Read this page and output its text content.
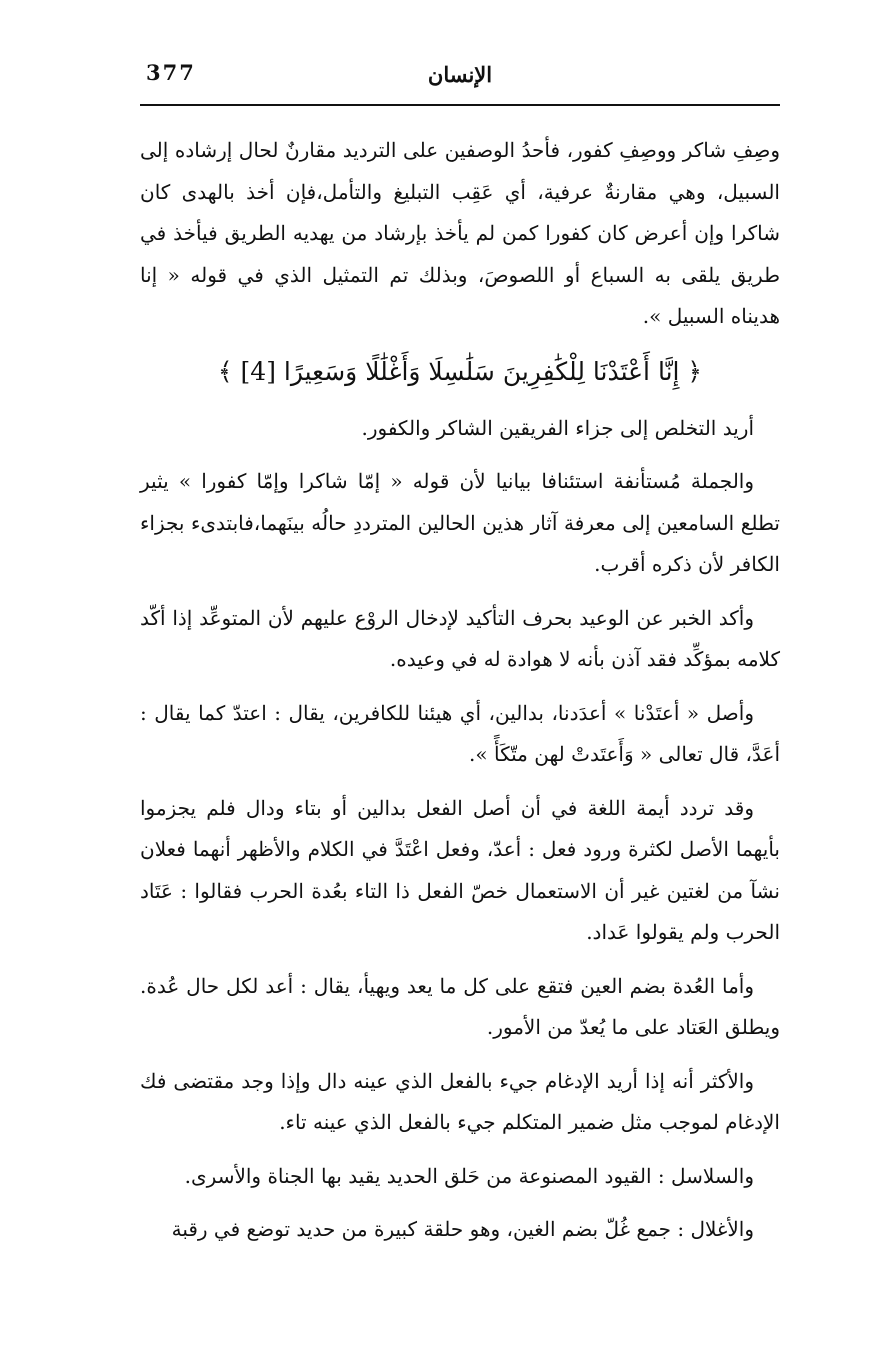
377	الإنسان

وصِفِ شاكر ووصِفِ كفور، فأحدُ الوصفين على الترديد مقارنٌ لحال إرشاده إلى السبيل، وهي مقارنةٌ عرفية، أي عَقِب التبليغ والتأمل،فإن أخذ بالهدى كان شاكرا وإن أعرض كان كفورا كمن لم يأخذ بإرشاد من يهديه الطريق فيأخذ في طريق يلقى به السباع أو اللصوصَ، وبذلك تم التمثيل الذي في قوله « إنا هديناه السبيل ».

﴿ إِنَّا أَعْتَدْنَا لِلْكَٰفِرِينَ سَلَٰسِلَا وَأَغْلَٰلًا وَسَعِيرًا [4] ﴾

أريد التخلص إلى جزاء الفريقين الشاكر والكفور.

والجملة مُستأنفة استئنافا بيانيا لأن قوله « إمّا شاكرا وإمّا كفورا » يثير تطلع السامعين إلى معرفة آثار هذين الحالين المترددِ حالُه بينَهما،فابتدىء بجزاء الكافر لأن ذكره أقرب.

وأكد الخبر عن الوعيد بحرف التأكيد لإدخال الروْع عليهم لأن المتوعِّد إذا أكّد كلامه بمؤكِّد فقد آذن بأنه لا هوادة له في وعيده.

وأصل « أعتَدْنا » أعدَدنا، بدالين، أي هيئنا للكافرين، يقال : اعتدّ كما يقال : أعَدَّ، قال تعالى « وَأَعتَدتْ لهن متّكَأً ».

وقد تردد أيمة اللغة في أن أصل الفعل بدالين أو بتاء ودال فلم يجزموا بأيهما الأصل لكثرة ورود فعل : أعدّ، وفعل اعْتَدَّ في الكلام والأظهر أنهما فعلان نشآ من لغتين غير أن الاستعمال خصّ الفعل ذا التاء بعُدة الحرب فقالوا : عَتَاد الحرب ولم يقولوا عَداد.

وأما العُدة بضم العين فتقع على كل ما يعد ويهيأ، يقال : أعد لكل حال عُدة. ويطلق العَتاد على ما يُعدّ من الأمور.

والأكثر أنه إذا أريد الإدغام جيء بالفعل الذي عينه دال وإذا وجد مقتضى فك الإدغام لموجب مثل ضمير المتكلم جيء بالفعل الذي عينه تاء.

والسلاسل : القيود المصنوعة من حَلق الحديد يقيد بها الجناة والأسرى.

والأغلال : جمع غُلّ بضم الغين، وهو حلقة كبيرة من حديد توضع في رقبة
